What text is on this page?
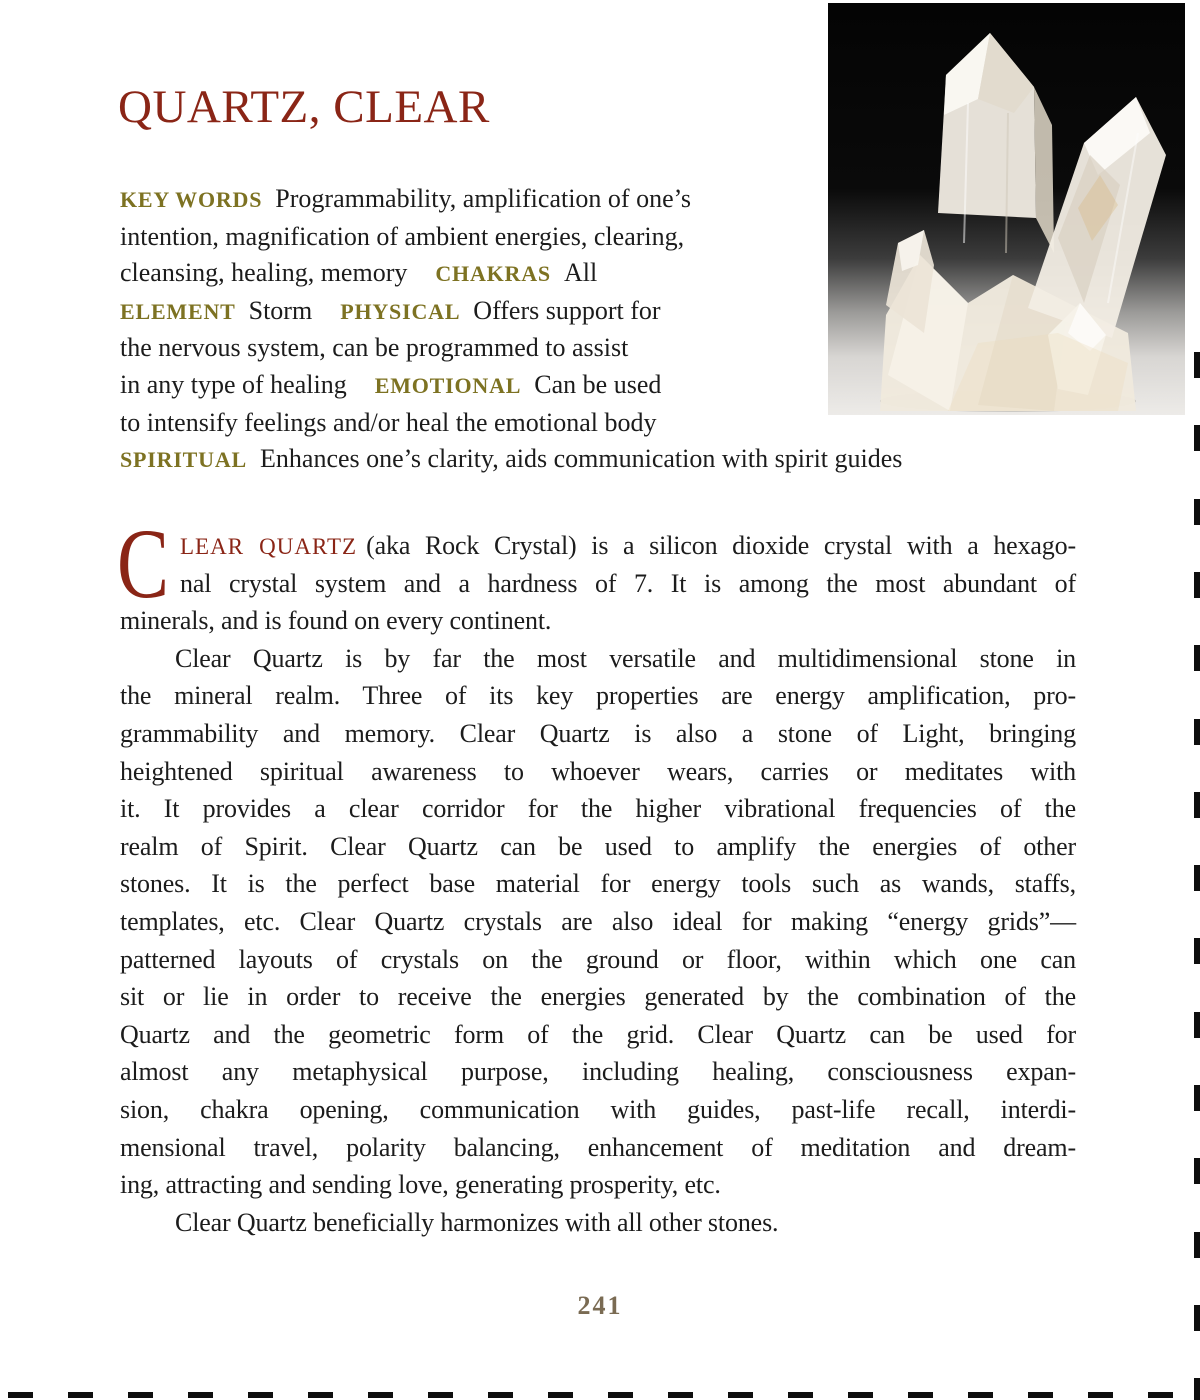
QUARTZ, CLEAR
KEY WORDS Programmability, amplification of one’s
intention, magnification of ambient energies, clearing,
cleansing, healing, memory CHAKRAS All
ELEMENT Storm PHYSICAL Offers support for
the nervous system, can be programmed to assist
in any type of healing EMOTIONAL Can be used
to intensify feelings and/or heal the emotional body
SPIRITUAL Enhances one’s clarity, aids communication with spirit guides
C LEAR QUARTZ (aka Rock Crystal) is a silicon dioxide crystal with a hexago-
nal crystal system and a hardness of 7. It is among the most abundant of
minerals, and is found on every continent.
Clear Quartz is by far the most versatile and multidimensional stone in
the mineral realm. Three of its key properties are energy amplification, pro-
grammability and memory. Clear Quartz is also a stone of Light, bringing
heightened spiritual awareness to whoever wears, carries or meditates with
it. It provides a clear corridor for the higher vibrational frequencies of the
realm of Spirit. Clear Quartz can be used to amplify the energies of other
stones. It is the perfect base material for energy tools such as wands, staffs,
templates, etc. Clear Quartz crystals are also ideal for making “energy grids”—
patterned layouts of crystals on the ground or floor, within which one can
sit or lie in order to receive the energies generated by the combination of the
Quartz and the geometric form of the grid. Clear Quartz can be used for
almost any metaphysical purpose, including healing, consciousness expan-
sion, chakra opening, communication with guides, past-life recall, interdi-
mensional travel, polarity balancing, enhancement of meditation and dream-
ing, attracting and sending love, generating prosperity, etc.
Clear Quartz beneficially harmonizes with all other stones.
241
